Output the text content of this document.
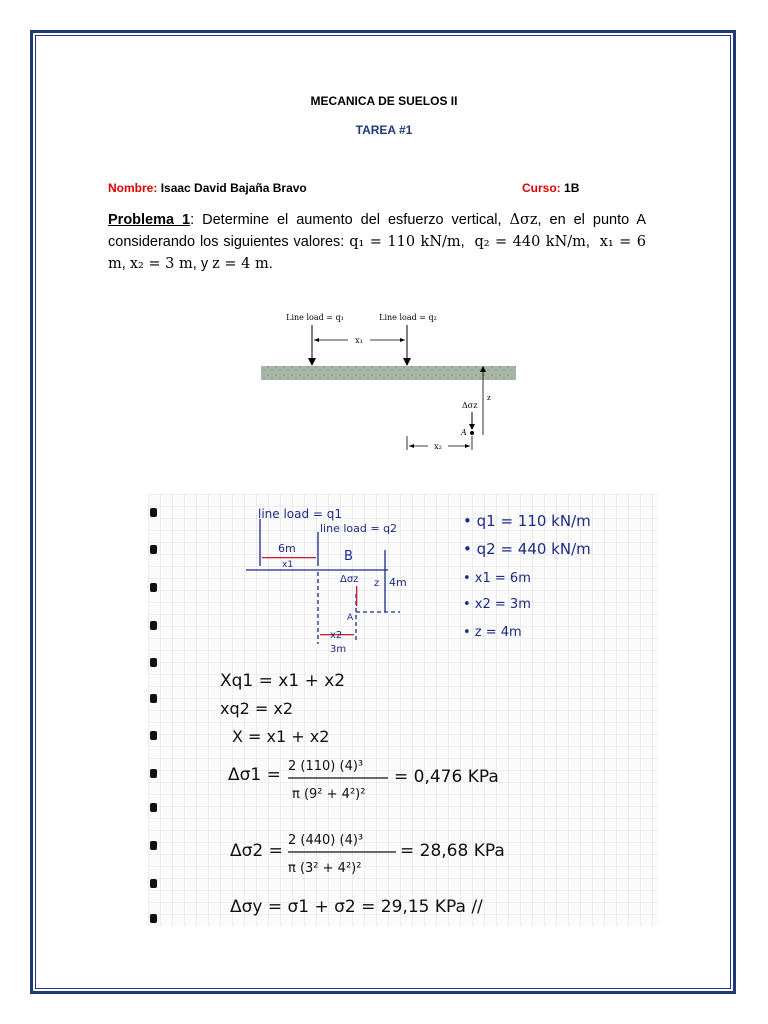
MECANICA DE SUELOS II
TAREA #1
Nombre: Isaac David Bajaña Bravo	Curso: 1B
Problema 1: Determine el aumento del esfuerzo vertical, Δσz, en el punto A considerando los siguientes valores: q₁ = 110 kN/m,  q₂ = 440 kN/m,  x₁ = 6 m, x₂ = 3 m, y z = 4 m.
Line load = q₁	Line load = q₂
x₁
z
Δσz
A
x₂
line load = q1
line load = q2
6m
x1
B
Δσz z 4m
A
x2
3m
• q1 = 110 kN/m
• q2 = 440 kN/m
• x1 = 6m
• x2 = 3m
• z = 4m
Xq1 = x1 + x2
xq2 = x2
X = x1 + x2
Δσ1 = 2 (110) (4)³
π (9² + 4²)²
= 0,476 KPa
Δσ2 =
2 (440) (4)³
π (3² + 4²)²
= 28,68 KPa
Δσy = σ1 + σ2 = 29,15 KPa //
